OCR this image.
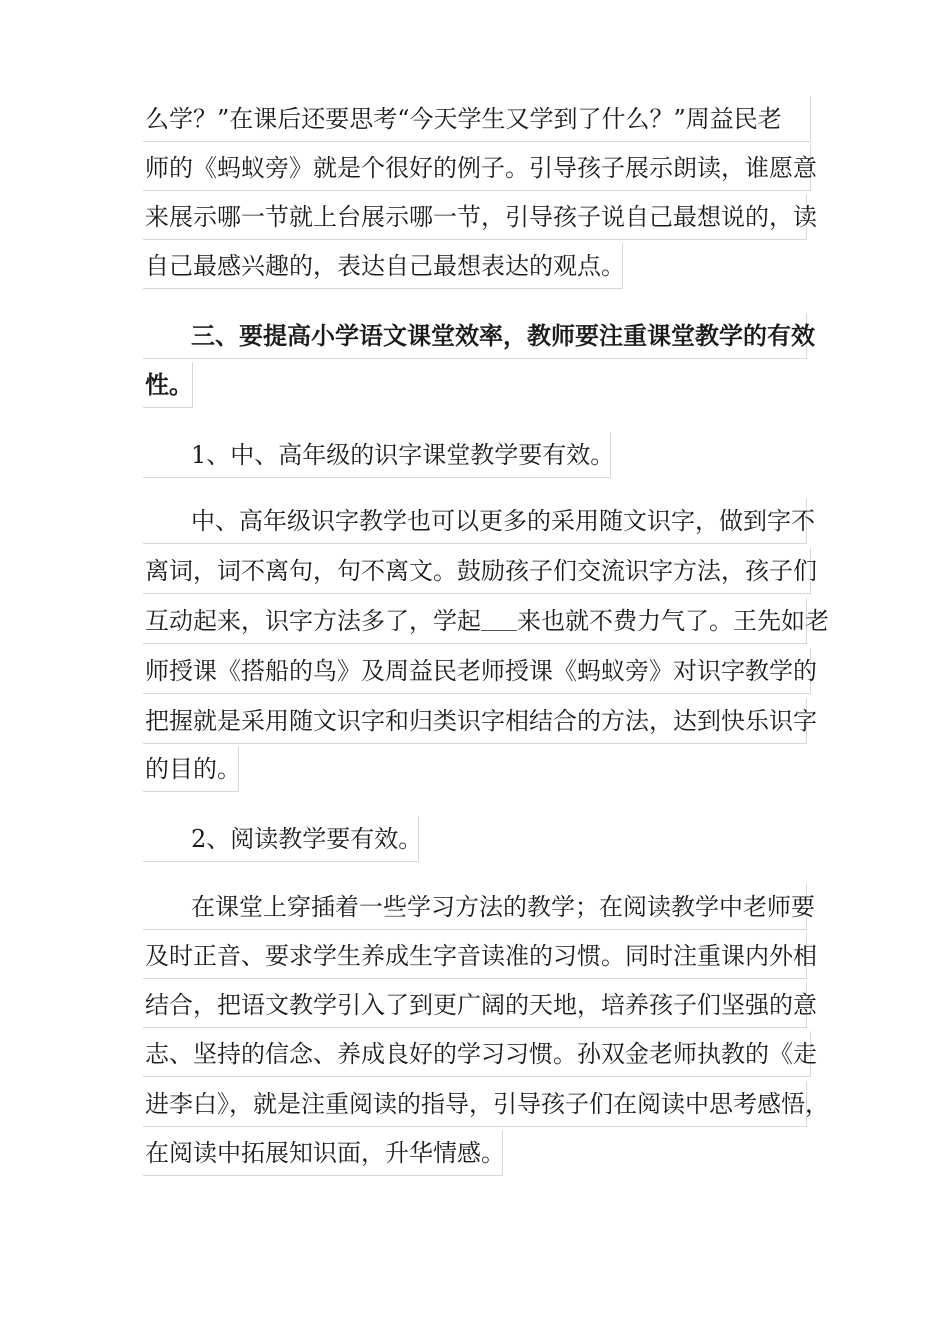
么学？”在课后还要思考“今天学生又学到了什么？”周益民老
师的《蚂蚁旁》就是个很好的例子。引导孩子展示朗读，谁愿意
来展示哪一节就上台展示哪一节，引导孩子说自己最想说的，读
自己最感兴趣的，表达自己最想表达的观点。
三、要提高小学语文课堂效率，教师要注重课堂教学的有效
性。
1、中、高年级的识字课堂教学要有效。
中、高年级识字教学也可以更多的采用随文识字，做到字不
离词，词不离句，句不离文。鼓励孩子们交流识字方法，孩子们
互动起来，识字方法多了，学起 来也就不费力气了。王先如老
师授课《搭船的鸟》及周益民老师授课《蚂蚁旁》对识字教学的
把握就是采用随文识字和归类识字相结合的方法，达到快乐识字
的目的。
2、阅读教学要有效。
在课堂上穿插着一些学习方法的教学；在阅读教学中老师要
及时正音、要求学生养成生字音读准的习惯。同时注重课内外相
结合，把语文教学引入了到更广阔的天地，培养孩子们坚强的意
志、坚持的信念、养成良好的学习习惯。孙双金老师执教的《走
进李白》，就是注重阅读的指导，引导孩子们在阅读中思考感悟，
在阅读中拓展知识面，升华情感。
